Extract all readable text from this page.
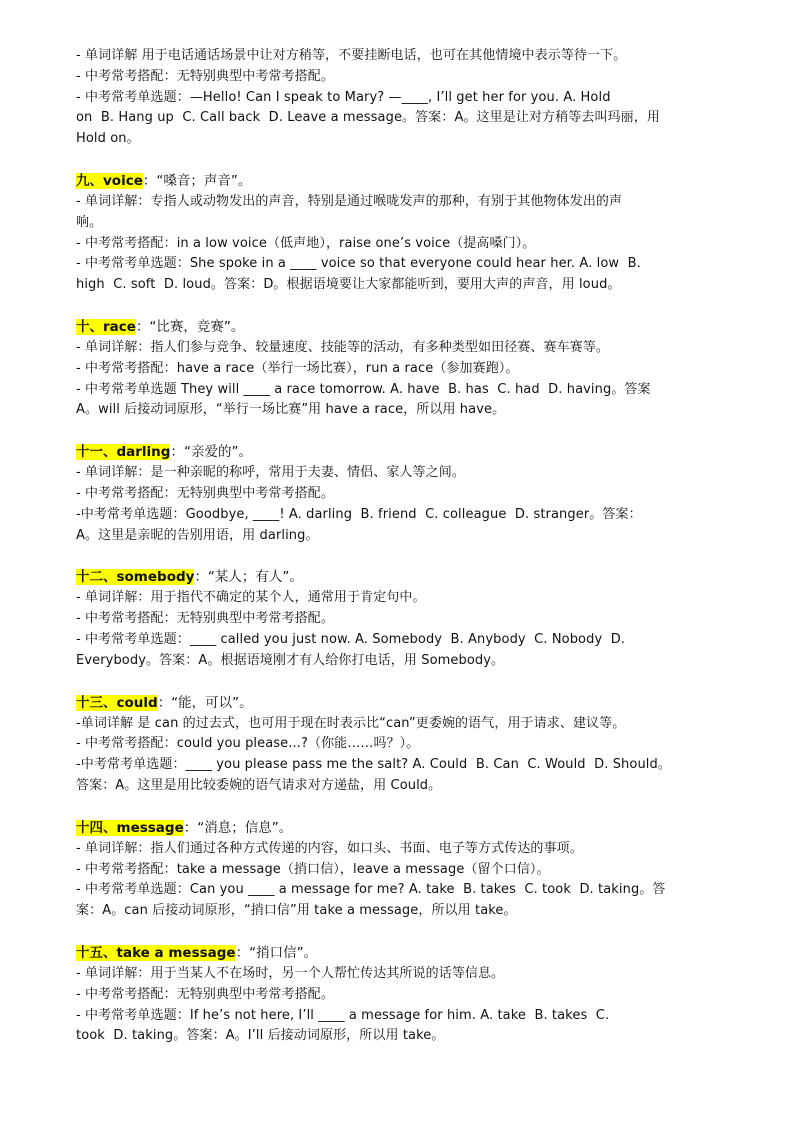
- 单词详解 用于电话通话场景中让对方稍等，不要挂断电话，也可在其他情境中表示等待一下。
- 中考常考搭配：无特别典型中考常考搭配。
- 中考常考单选题：—Hello! Can I speak to Mary? —____, I’ll get her for you. A. Hold
on  B. Hang up  C. Call back  D. Leave a message。答案：A。这里是让对方稍等去叫玛丽，用
Hold on。
九、voice：“嗓音；声音”。
- 单词详解：专指人或动物发出的声音，特别是通过喉咙发声的那种，有别于其他物体发出的声
响。
- 中考常考搭配：in a low voice（低声地），raise one’s voice（提高嗓门）。
- 中考常考单选题：She spoke in a ____ voice so that everyone could hear her. A. low  B.
high  C. soft  D. loud。答案：D。根据语境要让大家都能听到，要用大声的声音，用 loud。
十、race：“比赛，竞赛”。
- 单词详解：指人们参与竞争、较量速度、技能等的活动，有多种类型如田径赛、赛车赛等。
- 中考常考搭配：have a race（举行一场比赛），run a race（参加赛跑）。
- 中考常考单选题 They will ____ a race tomorrow. A. have  B. has  C. had  D. having。答案
A。will 后接动词原形，“举行一场比赛”用 have a race，所以用 have。
十一、darling：“亲爱的”。
- 单词详解：是一种亲昵的称呼，常用于夫妻、情侣、家人等之间。
- 中考常考搭配：无特别典型中考常考搭配。
-中考常考单选题：Goodbye, ____! A. darling  B. friend  C. colleague  D. stranger。答案：
A。这里是亲昵的告别用语，用 darling。
十二、somebody：“某人；有人”。
- 单词详解：用于指代不确定的某个人，通常用于肯定句中。
- 中考常考搭配：无特别典型中考常考搭配。
- 中考常考单选题：____ called you just now. A. Somebody  B. Anybody  C. Nobody  D.
Everybody。答案：A。根据语境刚才有人给你打电话，用 Somebody。
十三、could：“能，可以”。
-单词详解 是 can 的过去式，也可用于现在时表示比“can”更委婉的语气，用于请求、建议等。
- 中考常考搭配：could you please...?（你能……吗？）。
-中考常考单选题：____ you please pass me the salt? A. Could  B. Can  C. Would  D. Should。
答案：A。这里是用比较委婉的语气请求对方递盐，用 Could。
十四、message：“消息；信息”。
- 单词详解：指人们通过各种方式传递的内容，如口头、书面、电子等方式传达的事项。
- 中考常考搭配：take a message（捎口信），leave a message（留个口信）。
- 中考常考单选题：Can you ____ a message for me? A. take  B. takes  C. took  D. taking。答
案：A。can 后接动词原形，“捎口信”用 take a message，所以用 take。
十五、take a message：“捎口信”。
- 单词详解：用于当某人不在场时，另一个人帮忙传达其所说的话等信息。
- 中考常考搭配：无特别典型中考常考搭配。
- 中考常考单选题：If he’s not here, I’ll ____ a message for him. A. take  B. takes  C.
took  D. taking。答案：A。I’ll 后接动词原形，所以用 take。
